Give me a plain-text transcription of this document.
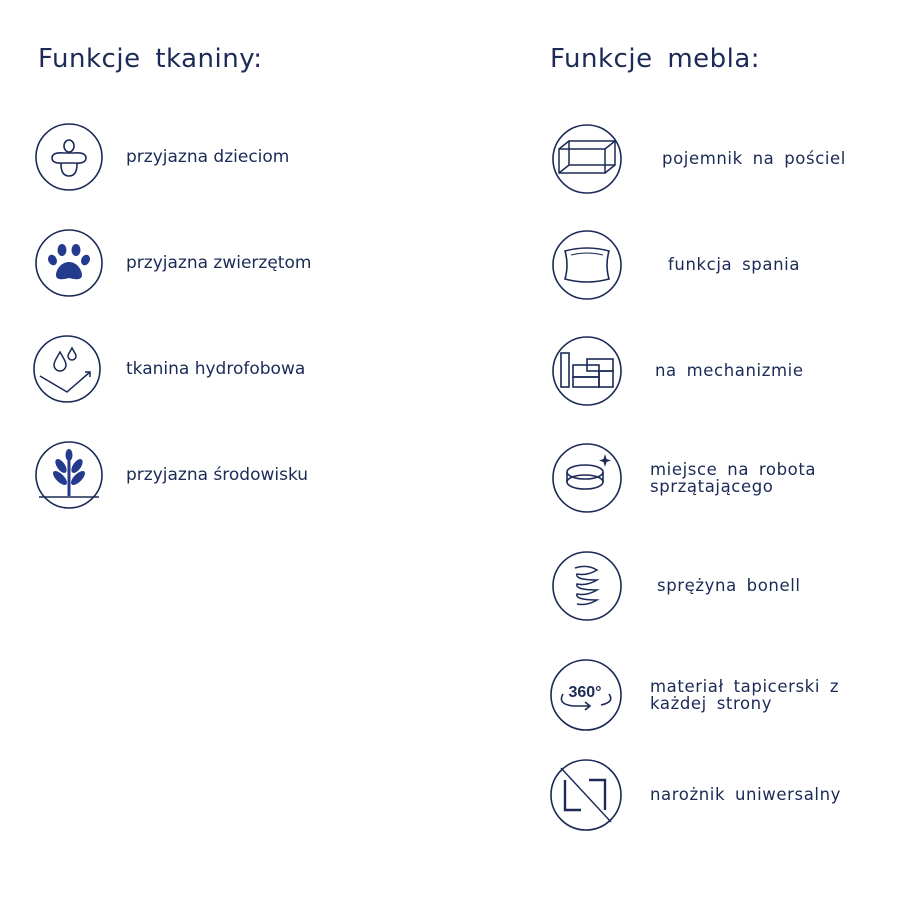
Funkcje tkaniny:
przyjazna dzieciom
przyjazna zwierzętom
tkanina hydrofobowa
przyjazna środowisku
Funkcje mebla:
pojemnik na pościel
funkcja spania
na mechanizmie
miejsce na robota sprzątającego
sprężyna bonell
360°	materiał tapicerski z każdej strony
narożnik uniwersalny
